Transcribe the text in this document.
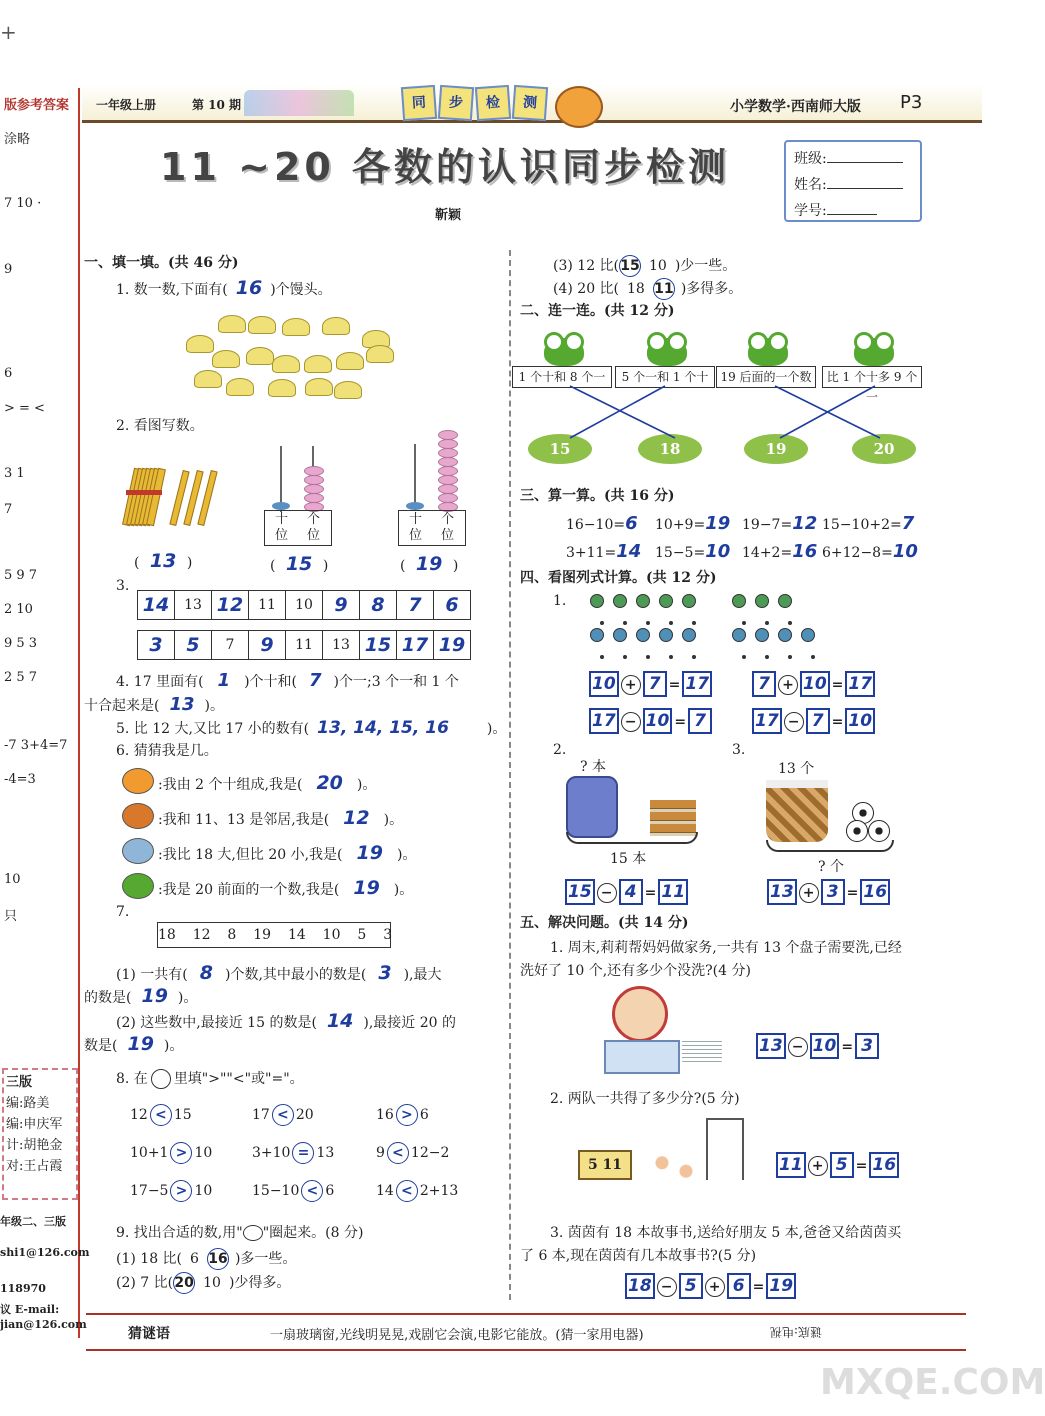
+
版参考答案
涂略
7 10 ·
9
6
> = <
3 1
7
5 9 7
2 10
9 5 3
2 5 7
-7 3+4=7
-4=3
10
只
三版
编:路美
编:申庆军
计:胡艳金
对:王占霞
年级二、三版
shi1@126.com
118970
议 E-mail:
jian@126.com
一年级上册	第 10 期	同	步	检	测	小学数学·西南师大版 P3
11 ~20 各数的认识同步检测
靳颖
班级:
姓名:
学号:
一、填一填。(共 46 分)
1. 数一数,下面有( 16 )个馒头。
2. 看图写数。
十 个
位 位
十 个
位 位
( 13 )	( 15 )	( 19 )
3.
14	13 12	11	10	9	8	7	6
3	5	7	9	11	13 15 17 19
4. 17 里面有( 1 )个十和( 7 )个一;3 个一和 1 个
十合起来是( 13 )。
5. 比 12 大,又比 17 小的数有( 13, 14, 15, 16	)。
6. 猜猜我是几。
:我由 2 个十组成,我是( 20 )。
:我和 11、13 是邻居,我是( 12 )。
:我比 18 大,但比 20 小,我是( 19 )。
:我是 20 前面的一个数,我是( 19 )。
7.
18  12  8  19  14  10  5  3
(1) 一共有( 8 )个数,其中最小的数是( 3 ),最大
的数是( 19 )。
(2) 这些数中,最接近 15 的数是( 14 ),最接近 20 的
数是( 19 )。
8. 在 里填">""<"或"="。
12 < 15	17 < 20	16 > 6
10+1 > 10	3+10 = 13	9 < 12−2
17−5 > 10	15−10 < 6	14 < 2+13
9. 找出合适的数,用" "圈起来。(8 分)
(1) 18 比( 6 16 )多一些。
(2) 7 比(20 10 )少得多。
(3) 12 比(15 10 )少一些。
(4) 20 比( 18 11 )多得多。
二、连一连。(共 12 分)
1 个十和 8 个一	5 个一和 1 个十	19 后面的一个数	比 1 个十多 9 个一
15	18	19	20
三、算一算。(共 16 分)
16−10=6 10+9=19 19−7=12 15−10+2=7
3+11=14 15−5=10 14+2=16 6+12−8=10
四、看图列式计算。(共 12 分)
1.
10 + 7 = 17	7 + 10 = 17
17 − 10 = 7	17 − 7 = 10
2.
? 本
15 本
15 − 4 = 11
3.
13 个
? 个
13 + 3 = 16
五、解决问题。(共 14 分)
1. 周末,莉莉帮妈妈做家务,一共有 13 个盘子需要洗,已经
洗好了 10 个,还有多少个没洗?(4 分)
13 − 10 = 3
2. 两队一共得了多少分?(5 分)
5 11	11 + 5 = 16
3. 茵茵有 18 本故事书,送给好朋友 5 本,爸爸又给茵茵买
了 6 本,现在茵茵有几本故事书?(5 分)
18 − 5 + 6 = 19
猜谜语	一扇玻璃窗,光线明晃晃,戏剧它会演,电影它能放。(猜一家用电器)	谜底:电视
MXQE.COM
